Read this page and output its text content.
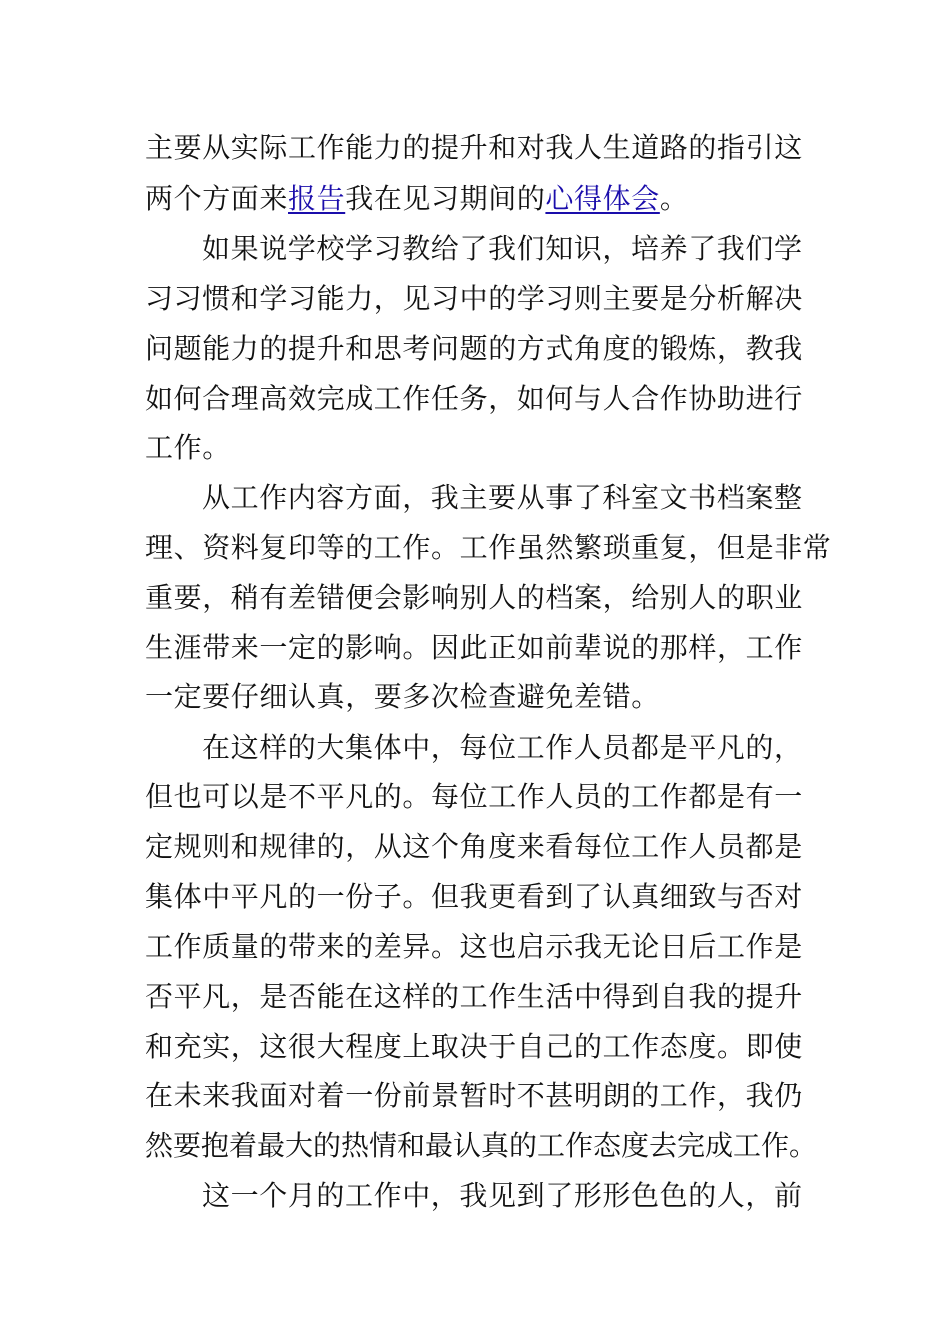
主要从实际工作能力的提升和对我人生道路的指引这
两个方面来报告我在见习期间的心得体会。
如果说学校学习教给了我们知识，培养了我们学
习习惯和学习能力，见习中的学习则主要是分析解决
问题能力的提升和思考问题的方式角度的锻炼，教我
如何合理高效完成工作任务，如何与人合作协助进行
工作。
从工作内容方面，我主要从事了科室文书档案整
理、资料复印等的工作。工作虽然繁琐重复，但是非常
重要，稍有差错便会影响别人的档案，给别人的职业
生涯带来一定的影响。因此正如前辈说的那样，工作
一定要仔细认真，要多次检查避免差错。
在这样的大集体中，每位工作人员都是平凡的，
但也可以是不平凡的。每位工作人员的工作都是有一
定规则和规律的，从这个角度来看每位工作人员都是
集体中平凡的一份子。但我更看到了认真细致与否对
工作质量的带来的差异。这也启示我无论日后工作是
否平凡，是否能在这样的工作生活中得到自我的提升
和充实，这很大程度上取决于自己的工作态度。即使
在未来我面对着一份前景暂时不甚明朗的工作，我仍
然要抱着最大的热情和最认真的工作态度去完成工作。
这一个月的工作中，我见到了形形色色的人，前
